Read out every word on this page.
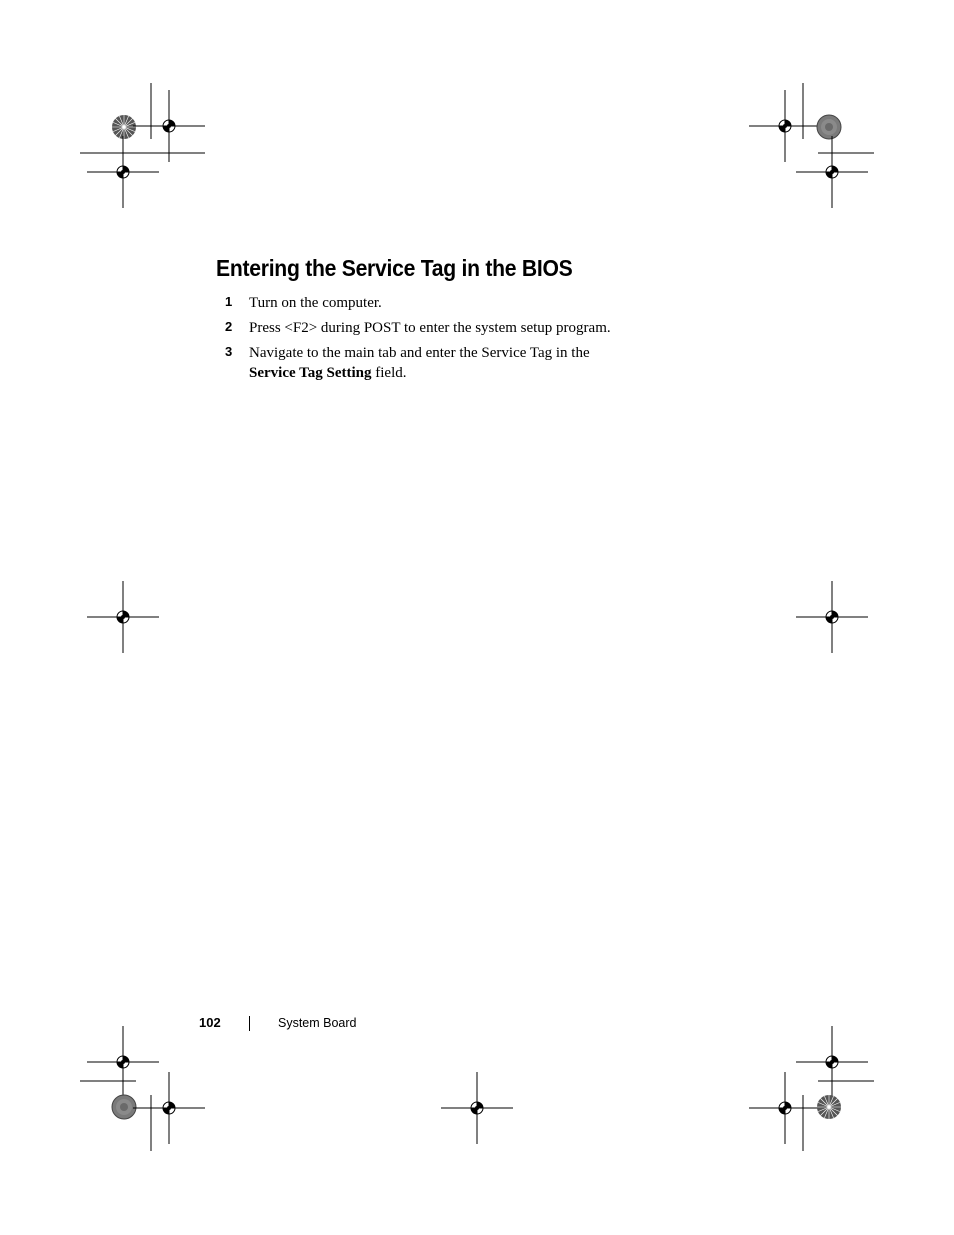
Entering the Service Tag in the BIOS
1 Turn on the computer.
2 Press <F2> during POST to enter the system setup program.
3 Navigate to the main tab and enter the Service Tag in the
Service Tag Setting field.
102	System Board
